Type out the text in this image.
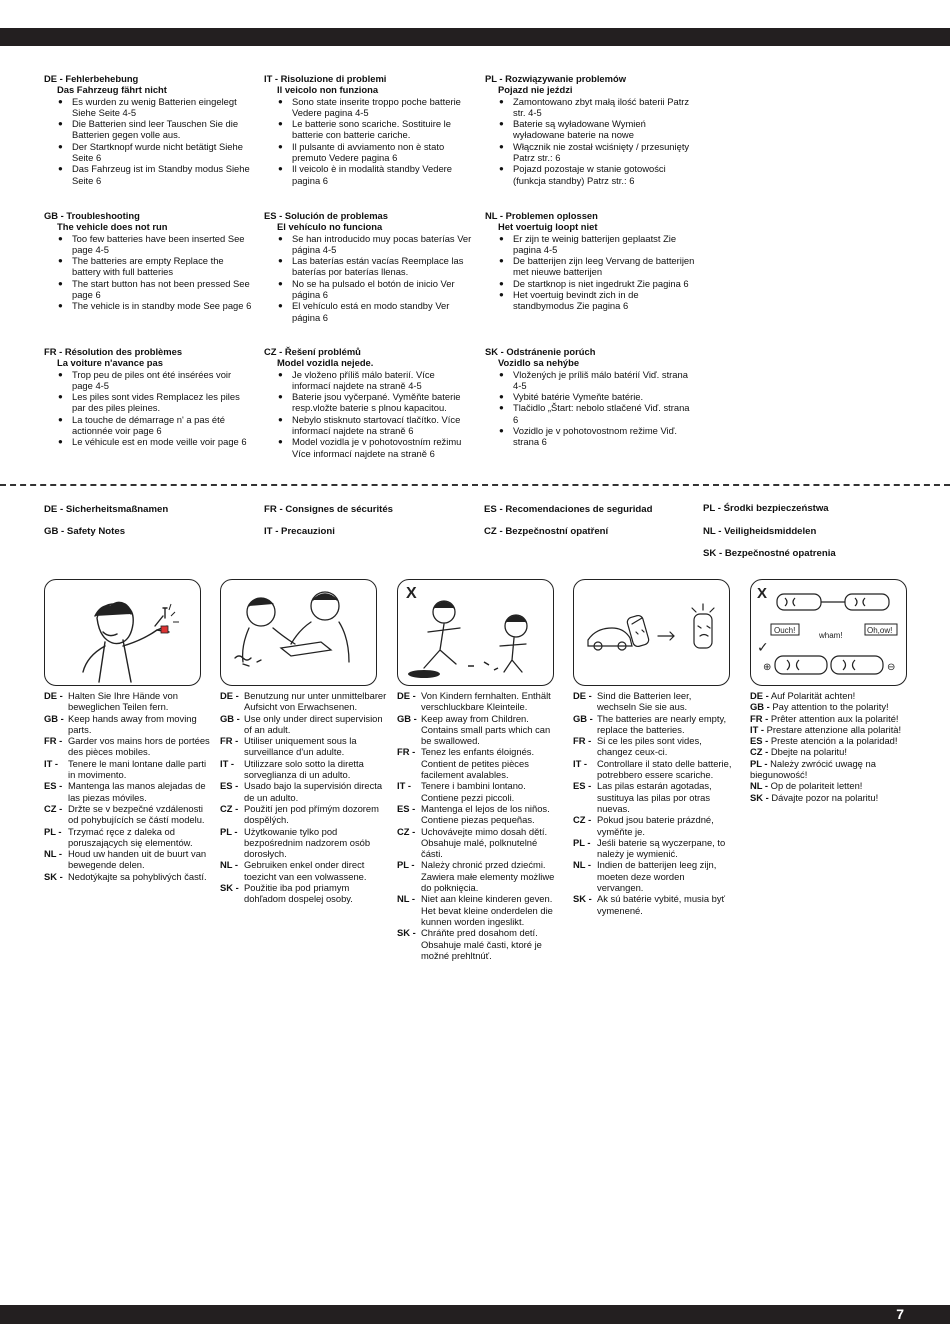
DE - Fehlerbehebung
Das Fahrzeug fährt nicht
● Es wurden zu wenig Batterien eingelegt Siehe Seite 4-5
● Die Batterien sind leer Tauschen Sie die Batterien gegen volle aus.
● Der Startknopf wurde nicht betätigt Siehe Seite 6
● Das Fahrzeug ist im Standby modus Siehe Seite 6
IT - Risoluzione di problemi
Il veicolo non funziona
● Sono state inserite troppo poche batterie Vedere pagina 4-5
● Le batterie sono scariche. Sostituire le batterie con batterie cariche.
● Il pulsante di avviamento non è stato premuto Vedere pagina 6
● Il veicolo è in modalità standby Vedere pagina 6
PL - Rozwiązywanie problemów
Pojazd nie jeździ
● Zamontowano zbyt małą ilość baterii Patrz str. 4-5
● Baterie są wyładowane Wymień wyładowane baterie na nowe
● Włącznik nie został wciśnięty / przesunięty Patrz str.: 6
● Pojazd pozostaje w stanie gotowości (funkcja standby) Patrz str.: 6
GB - Troubleshooting
The vehicle does not run
● Too few batteries have been inserted See page 4-5
● The batteries are empty Replace the battery with full batteries
● The start button has not been pressed See page 6
● The vehicle is in standby mode See page 6
ES - Solución de problemas
El vehículo no funciona
● Se han introducido muy pocas baterías Ver página 4-5
● Las baterías están vacías Reemplace las baterías por baterías llenas.
● No se ha pulsado el botón de inicio Ver página 6
● El vehículo está en modo standby Ver página 6
NL - Problemen oplossen
Het voertuig loopt niet
● Er zijn te weinig batterijen geplaatst Zie pagina 4-5
● De batterijen zijn leeg Vervang de batterijen met nieuwe batterijen
● De startknop is niet ingedrukt Zie pagina 6
● Het voertuig bevindt zich in de standbymodus Zie pagina 6
FR - Résolution des problèmes
La voiture n'avance pas
● Trop peu de piles ont été insérées voir page 4-5
● Les piles sont vides Remplacez les piles par des piles pleines.
● La touche de démarrage n' a pas été actionnée voir page 6
● Le véhicule est en mode veille voir page 6
CZ - Řešení problémů
Model vozidla nejede.
● Je vloženo příliš málo baterií. Více informací najdete na straně 4-5
● Baterie jsou vyčerpané. Vyměňte baterie resp.vložte baterie s plnou kapacitou.
● Nebylo stisknuto startovací tlačítko. Více informací najdete na straně 6
● Model vozidla je v pohotovostním režimu Více informací najdete na straně 6
SK - Odstránenie porúch
Vozidlo sa nehýbe
● Vložených je príliš málo batérií Viď. strana 4-5
● Vybité batérie Vymeňte batérie.
● Tlačidlo „Štart: nebolo stlačené Viď. strana 6
● Vozidlo je v pohotovostnom režime Viď. strana 6
DE - Sicherheitsmaßnamen
GB - Safety Notes
FR - Consignes de sécurités
IT - Precauzioni
ES - Recomendaciones de seguridad
CZ - Bezpečnostní opatření
PL - Środki bezpieczeństwa
NL - Veiligheidsmiddelen
SK - Bezpečnostné opatrenia
X	X
Ouch!
wham!
Oh,ow!
✓
⊕	⊖
DE - Halten Sie Ihre Hände von beweglichen Teilen fern.
GB - Keep hands away from moving parts.
FR - Garder vos mains hors de portées des pièces mobiles.
IT - Tenere le mani lontane dalle parti in movimento.
ES - Mantenga las manos alejadas de las piezas móviles.
CZ - Držte se v bezpečné vzdálenosti od pohybujících se částí modelu.
PL - Trzymać ręce z daleka od poruszających się elementów.
NL - Houd uw handen uit de buurt van bewegende delen.
SK - Nedotýkajte sa pohyblivých častí.
DE - Benutzung nur unter unmittelbarer Aufsicht von Erwachsenen.
GB - Use only under direct supervision of an adult.
FR - Utiliser uniquement sous la surveillance d'un adulte.
IT - Utilizzare solo sotto la diretta sorveglianza di un adulto.
ES - Usado bajo la supervisión directa de un adulto.
CZ - Použití jen pod přímým dozorem dospělých.
PL - Użytkowanie tylko pod bezpośrednim nadzorem osób dorosłych.
NL - Gebruiken enkel onder direct toezicht van een volwassene.
SK - Použitie iba pod priamym dohľadom dospelej osoby.
DE - Von Kindern fernhalten. Enthält verschluckbare Kleinteile.
GB - Keep away from Children. Contains small parts which can be swallowed.
FR - Tenez les enfants éloignés. Contient de petites pièces facilement avalables.
IT - Tenere i bambini lontano. Contiene pezzi piccoli.
ES - Mantenga el lejos de los niños. Contiene piezas pequeñas.
CZ - Uchovávejte mimo dosah dětí. Obsahuje malé, polknutelné části.
PL - Należy chronić przed dziećmi. Zawiera małe elementy możliwe do połknięcia.
NL - Niet aan kleine kinderen geven. Het bevat kleine onderdelen die kunnen worden ingeslikt.
SK - Chráňte pred dosahom detí. Obsahuje malé časti, ktoré je možné prehltnúť.
DE - Sind die Batterien leer, wechseln Sie sie aus.
GB - The batteries are nearly empty, replace the batteries.
FR - Si ce les piles sont vides, changez ceux-ci.
IT - Controllare il stato delle batterie, potrebbero essere scariche.
ES - Las pilas estarán agotadas, sustituya las pilas por otras nuevas.
CZ - Pokud jsou baterie prázdné, vyměňte je.
PL - Jeśli baterie są wyczerpane, to należy je wymienić.
NL - Indien de batterijen leeg zijn, moeten deze worden vervangen.
SK - Ak sú batérie vybité, musia byť vymenené.
DE - Auf Polarität achten!
GB - Pay attention to the polarity!
FR - Prêter attention aux la polarité!
IT - Prestare attenzione alla polarità!
ES - Preste atención a la polaridad!
CZ - Dbejte na polaritu!
PL - Należy zwrócić uwagę na biegunowość!
NL - Op de polariteit letten!
SK - Dávajte pozor na polaritu!
7
